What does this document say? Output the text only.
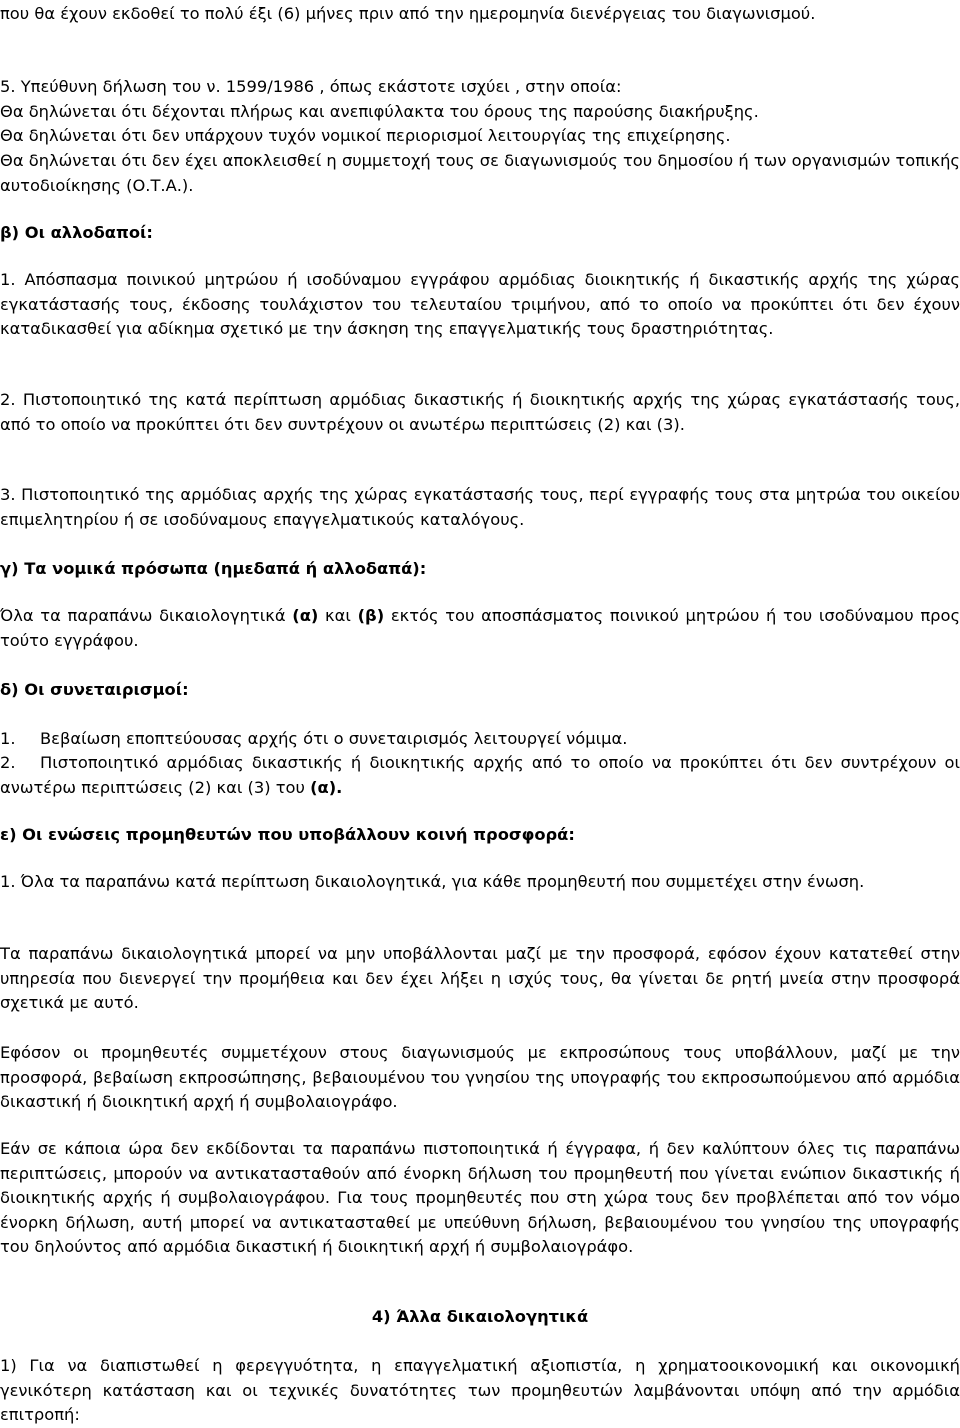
που θα έχουν εκδοθεί το πολύ έξι (6) μήνες πριν από την ημερομηνία διενέργειας του διαγωνισμού.

5. Υπεύθυνη δήλωση του ν. 1599/1986 , όπως εκάστοτε ισχύει , στην οποία:

Θα δηλώνεται ότι δέχονται πλήρως και ανεπιφύλακτα του όρους της παρούσης διακήρυξης.

Θα δηλώνεται ότι δεν υπάρχουν τυχόν νομικοί περιορισμοί λειτουργίας της επιχείρησης.

Θα δηλώνεται ότι δεν έχει αποκλεισθεί η συμμετοχή τους σε διαγωνισμούς του δημοσίου ή των οργανισμών τοπικής αυτοδιοίκησης (Ο.Τ.Α.).

β) Οι αλλοδαποί:

1. Απόσπασμα ποινικού μητρώου ή ισοδύναμου εγγράφου αρμόδιας διοικητικής ή δικαστικής αρχής της χώρας εγκατάστασής τους, έκδοσης τουλάχιστον του τελευταίου τριμήνου, από το οποίο να προκύπτει ότι δεν έχουν καταδικασθεί για αδίκημα σχετικό με την άσκηση της επαγγελματικής τους δραστηριότητας.

2. Πιστοποιητικό της κατά περίπτωση αρμόδιας δικαστικής ή διοικητικής αρχής της χώρας εγκατάστασής τους, από το οποίο να προκύπτει ότι δεν συντρέχουν οι ανωτέρω περιπτώσεις (2) και (3).

3. Πιστοποιητικό της αρμόδιας αρχής της χώρας εγκατάστασής τους, περί εγγραφής τους στα μητρώα του οικείου επιμελητηρίου ή σε ισοδύναμους επαγγελματικούς καταλόγους.

γ) Τα νομικά πρόσωπα (ημεδαπά ή αλλοδαπά):

Όλα τα παραπάνω δικαιολογητικά (α) και (β) εκτός του αποσπάσματος ποινικού μητρώου ή του ισοδύναμου προς τούτο εγγράφου.

δ) Οι συνεταιρισμοί:

1. Βεβαίωση εποπτεύουσας αρχής ότι ο συνεταιρισμός λειτουργεί νόμιμα.

2. Πιστοποιητικό αρμόδιας δικαστικής ή διοικητικής αρχής από το οποίο να προκύπτει ότι δεν συντρέχουν οι ανωτέρω περιπτώσεις (2) και (3) του (α).

ε) Οι ενώσεις προμηθευτών που υποβάλλουν κοινή προσφορά:

1. Όλα τα παραπάνω κατά περίπτωση δικαιολογητικά, για κάθε προμηθευτή που συμμετέχει στην ένωση.

Τα παραπάνω δικαιολογητικά μπορεί να μην υποβάλλονται μαζί με την προσφορά, εφόσον έχουν κατατεθεί στην υπηρεσία που διενεργεί την προμήθεια και δεν έχει λήξει η ισχύς τους, θα γίνεται δε ρητή μνεία στην προσφορά σχετικά με αυτό.

Εφόσον οι προμηθευτές συμμετέχουν στους διαγωνισμούς με εκπροσώπους τους υποβάλλουν, μαζί με την προσφορά, βεβαίωση εκπροσώπησης, βεβαιουμένου του γνησίου της υπογραφής του εκπροσωπούμενου από αρμόδια δικαστική ή διοικητική αρχή ή συμβολαιογράφο.

Εάν σε κάποια ώρα δεν εκδίδονται τα παραπάνω πιστοποιητικά ή έγγραφα, ή δεν καλύπτουν όλες τις παραπάνω περιπτώσεις, μπορούν να αντικατασταθούν από ένορκη δήλωση του προμηθευτή που γίνεται ενώπιον δικαστικής ή διοικητικής αρχής ή συμβολαιογράφου. Για τους προμηθευτές που στη χώρα τους δεν προβλέπεται από τον νόμο ένορκη δήλωση, αυτή μπορεί να αντικατασταθεί με υπεύθυνη δήλωση, βεβαιουμένου του γνησίου της υπογραφής του δηλούντος από αρμόδια δικαστική ή διοικητική αρχή ή συμβολαιογράφο.

4) Άλλα δικαιολογητικά

1) Για να διαπιστωθεί η φερεγγυότητα, η επαγγελματική αξιοπιστία, η χρηματοοικονομική και οικονομική γενικότερη κατάσταση και οι τεχνικές δυνατότητες των προμηθευτών λαμβάνονται υπόψη από την αρμόδια επιτροπή:
